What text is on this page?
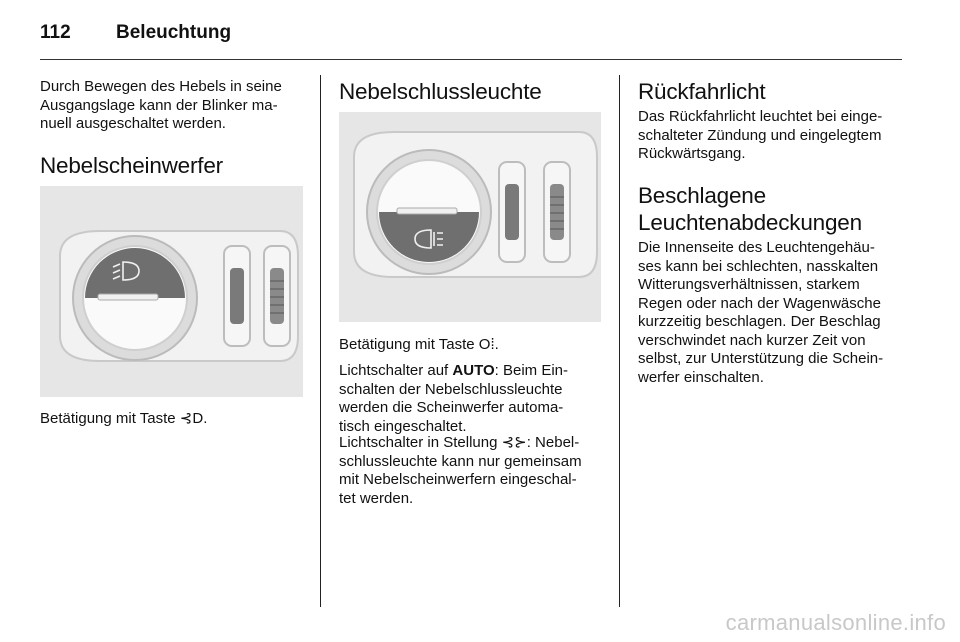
112 Beleuchtung
Durch Bewegen des Hebels in seine
Ausgangslage kann der Blinker ma-
nuell ausgeschaltet werden.
Nebelscheinwerfer
Betätigung mit Taste ⊰D.
Nebelschlussleuchte
Betätigung mit Taste O⁞.
Lichtschalter auf AUTO: Beim Ein-
schalten der Nebelschlussleuchte
werden die Scheinwerfer automa-
tisch eingeschaltet.
Lichtschalter in Stellung ⊰⊱: Nebel-
schlussleuchte kann nur gemeinsam
mit Nebelscheinwerfern eingeschal-
tet werden.
Rückfahrlicht
Das Rückfahrlicht leuchtet bei einge-
schalteter Zündung und eingelegtem
Rückwärtsgang.
Beschlagene
Leuchtenabdeckungen
Die Innenseite des Leuchtengehäu-
ses kann bei schlechten, nasskalten
Witterungsverhältnissen, starkem
Regen oder nach der Wagenwäsche
kurzzeitig beschlagen. Der Beschlag
verschwindet nach kurzer Zeit von
selbst, zur Unterstützung die Schein-
werfer einschalten.
carmanualsonline.info
